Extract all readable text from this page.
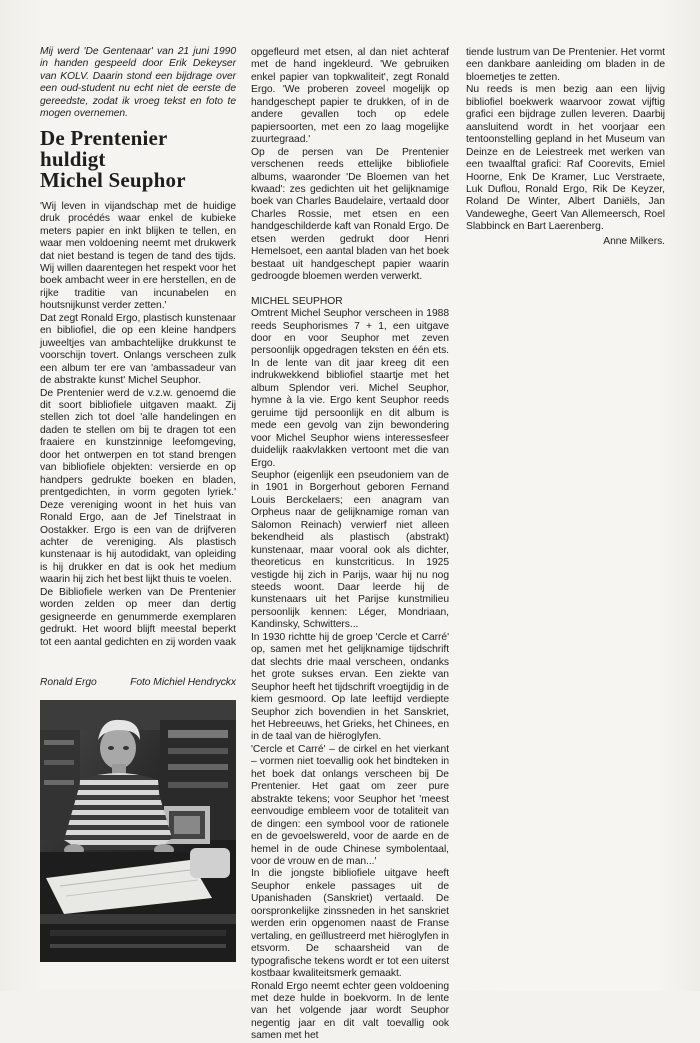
Mij werd 'De Gentenaar' van 21 juni 1990 in handen gespeeld door Erik Dekeyser van KOLV. Daarin stond een bijdrage over een oud-student nu echt niet de eerste de gereedste, zodat ik vroeg tekst en foto te mogen overnemen.

De Prentenier
huldigt
Michel Seuphor

'Wij leven in vijandschap met de huidige druk procédés waar enkel de kubieke meters papier en inkt blijken te tellen, en waar men voldoening neemt met drukwerk dat niet bestand is tegen de tand des tijds. Wij willen daarentegen het respekt voor het boek ambacht weer in ere herstellen, en de rijke traditie van incunabelen en houtsnijkunst verder zetten.'

Dat zegt Ronald Ergo, plastisch kunstenaar en bibliofiel, die op een kleine handpers juweeltjes van ambachtelijke drukkunst te voorschijn tovert. Onlangs verscheen zulk een album ter ere van 'ambassadeur van de abstrakte kunst' Michel Seuphor.

De Prentenier werd de v.z.w. genoemd die dit soort bibliofiele uitgaven maakt. Zij stellen zich tot doel 'alle handelingen en daden te stellen om bij te dragen tot een fraaiere en kunstzinnige leefomgeving, door het ontwerpen en tot stand brengen van bibliofiele objekten: versierde en op handpers gedrukte boeken en bladen, prentgedichten, in vorm gegoten lyriek.' Deze vereniging woont in het huis van Ronald Ergo, aan de Jef Tinelstraat in Oostakker. Ergo is een van de drijfveren achter de vereniging. Als plastisch kunstenaar is hij autodidakt, van opleiding is hij drukker en dat is ook het medium waarin hij zich het best lijkt thuis te voelen.

De Bibliofiele werken van De Prentenier worden zelden op meer dan dertig gesigneerde en genummerde exemplaren gedrukt. Het woord blijft meestal beperkt tot een aantal gedichten en zij worden vaak

Ronald Ergo	Foto Michiel Hendryckx

opgefleurd met etsen, al dan niet achteraf met de hand ingekleurd. 'We gebruiken enkel papier van topkwaliteit', zegt Ronald Ergo. 'We proberen zoveel mogelijk op handgeschept papier te drukken, of in de andere gevallen toch op edele papiersoorten, met een zo laag mogelijke zuurtegraad.'

Op de persen van De Prentenier verschenen reeds ettelijke bibliofiele albums, waaronder 'De Bloemen van het kwaad': zes gedichten uit het gelijknamige boek van Charles Baudelaire, vertaald door Charles Rossie, met etsen en een handgeschilderde kaft van Ronald Ergo. De etsen werden gedrukt door Henri Hemelsoet, een aantal bladen van het boek bestaat uit handgeschept papier waarin gedroogde bloemen werden verwerkt.

MICHEL SEUPHOR

Omtrent Michel Seuphor verscheen in 1988 reeds Seuphorismes 7 + 1, een uitgave door en voor Seuphor met zeven persoonlijk opgedragen teksten en één ets. In de lente van dit jaar kreeg dit een indrukwekkend bibliofiel staartje met het album Splendor veri. Michel Seuphor, hymne à la vie. Ergo kent Seuphor reeds geruime tijd persoonlijk en dit album is mede een gevolg van zijn bewondering voor Michel Seuphor wiens interessesfeer duidelijk raakvlakken vertoont met die van Ergo.

Seuphor (eigenlijk een pseudoniem van de in 1901 in Borgerhout geboren Fernand Louis Berckelaers; een anagram van Orpheus naar de gelijknamige roman van Salomon Reinach) verwierf niet alleen bekendheid als plastisch (abstrakt) kunstenaar, maar vooral ook als dichter, theoreticus en kunstcriticus. In 1925 vestigde hij zich in Parijs, waar hij nu nog steeds woont. Daar leerde hij de kunstenaars uit het Parijse kunstmilieu persoonlijk kennen: Léger, Mondriaan, Kandinsky, Schwitters...

In 1930 richtte hij de groep 'Cercle et Carré' op, samen met het gelijknamige tijdschrift dat slechts drie maal verscheen, ondanks het grote sukses ervan. Een ziekte van Seuphor heeft het tijdschrift vroegtijdig in de kiem gesmoord. Op late leeftijd verdiepte Seuphor zich bovendien in het Sanskriet, het Hebreeuws, het Grieks, het Chinees, en in de taal van de hiëroglyfen.

'Cercle et Carré' – de cirkel en het vierkant – vormen niet toevallig ook het bindteken in het boek dat onlangs verscheen bij De Prentenier. Het gaat om zeer pure abstrakte tekens; voor Seuphor het 'meest eenvoudige embleem voor de totaliteit van de dingen: een symbool voor de rationele en de gevoelswereld, voor de aarde en de hemel in de oude Chinese symbolentaal, voor de vrouw en de man...'

In die jongste bibliofiele uitgave heeft Seuphor enkele passages uit de Upanishaden (Sanskriet) vertaald. De oorspronkelijke zinssneden in het sanskriet werden erin opgenomen naast de Franse vertaling, en geïllustreerd met hiëroglyfen in etsvorm. De schaarsheid van de typografische tekens wordt er tot een uiterst kostbaar kwaliteitsmerk gemaakt.

Ronald Ergo neemt echter geen voldoening met deze hulde in boekvorm. In de lente van het volgende jaar wordt Seuphor negentig jaar en dit valt toevallig ook samen met het

tiende lustrum van De Prentenier. Het vormt een dankbare aanleiding om bladen in de bloemetjes te zetten.

Nu reeds is men bezig aan een lijvig bibliofiel boekwerk waarvoor zowat vijftig grafici een bijdrage zullen leveren. Daarbij aansluitend wordt in het voorjaar een tentoonstelling gepland in het Museum van Deinze en de Leiestreek met werken van een twaalftal grafici: Raf Coorevits, Emiel Hoorne, Enk De Kramer, Luc Verstraete, Luk Duflou, Ronald Ergo, Rik De Keyzer, Roland De Winter, Albert Daniëls, Jan Vandeweghe, Geert Van Allemeersch, Roel Slabbinck en Bart Laerenberg.

Anne Milkers.
